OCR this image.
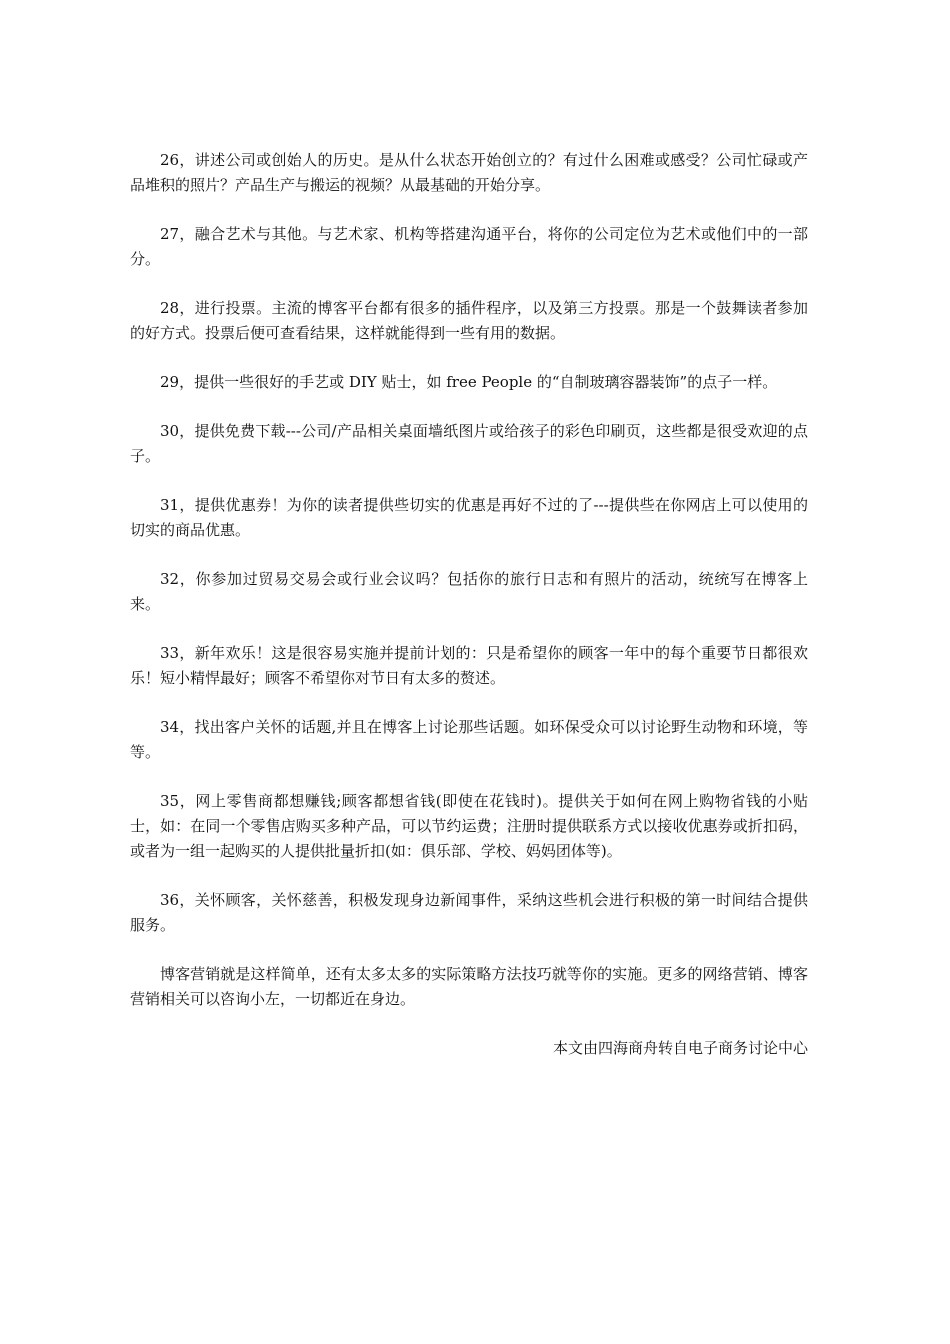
26，讲述公司或创始人的历史。是从什么状态开始创立的？有过什么困难或感受？公司忙碌或产品堆积的照片？产品生产与搬运的视频？从最基础的开始分享。

27，融合艺术与其他。与艺术家、机构等搭建沟通平台，将你的公司定位为艺术或他们中的一部分。

28，进行投票。主流的博客平台都有很多的插件程序，以及第三方投票。那是一个鼓舞读者参加的好方式。投票后便可查看结果，这样就能得到一些有用的数据。

29，提供一些很好的手艺或 DIY 贴士，如 free People 的“自制玻璃容器装饰”的点子一样。

30，提供免费下载---公司/产品相关桌面墙纸图片或给孩子的彩色印刷页，这些都是很受欢迎的点子。

31，提供优惠券！为你的读者提供些切实的优惠是再好不过的了---提供些在你网店上可以使用的切实的商品优惠。

32，你参加过贸易交易会或行业会议吗？包括你的旅行日志和有照片的活动，统统写在博客上来。

33，新年欢乐！这是很容易实施并提前计划的：只是希望你的顾客一年中的每个重要节日都很欢乐！短小精悍最好；顾客不希望你对节日有太多的赘述。

34，找出客户关怀的话题,并且在博客上讨论那些话题。如环保受众可以讨论野生动物和环境，等等。

35，网上零售商都想赚钱;顾客都想省钱(即使在花钱时)。提供关于如何在网上购物省钱的小贴士，如：在同一个零售店购买多种产品，可以节约运费；注册时提供联系方式以接收优惠券或折扣码，或者为一组一起购买的人提供批量折扣(如：俱乐部、学校、妈妈团体等)。

36，关怀顾客，关怀慈善，积极发现身边新闻事件，采纳这些机会进行积极的第一时间结合提供服务。

博客营销就是这样简单，还有太多太多的实际策略方法技巧就等你的实施。更多的网络营销、博客营销相关可以咨询小左，一切都近在身边。

本文由四海商舟转自电子商务讨论中心
